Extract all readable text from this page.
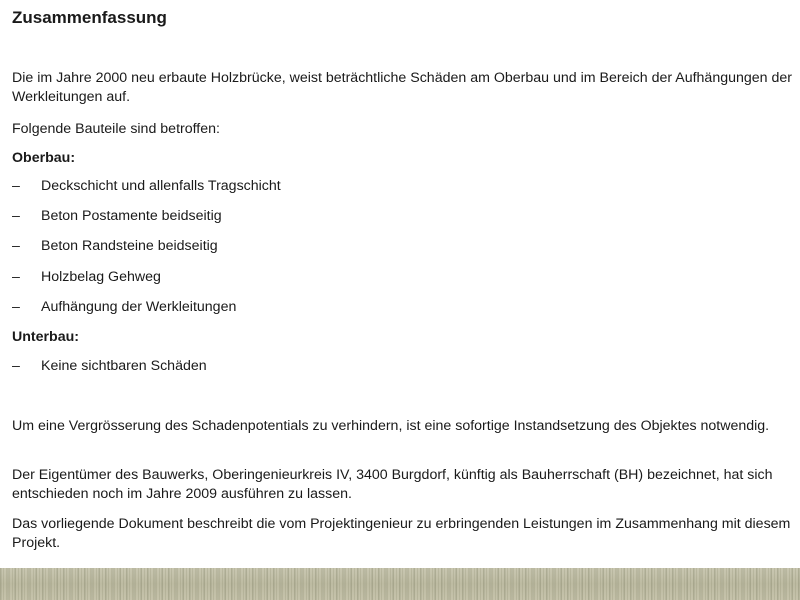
Zusammenfassung
Die im Jahre 2000 neu erbaute Holzbrücke, weist beträchtliche Schäden am Oberbau und im Bereich der Aufhängungen der Werkleitungen auf.
Folgende Bauteile sind betroffen:
Oberbau:
– Deckschicht und allenfalls Tragschicht
– Beton Postamente beidseitig
– Beton Randsteine beidseitig
– Holzbelag Gehweg
– Aufhängung der Werkleitungen
Unterbau:
– Keine sichtbaren Schäden
Um eine Vergrösserung des Schadenpotentials zu verhindern, ist eine sofortige Instandsetzung des Objektes notwendig.
Der Eigentümer des Bauwerks, Oberingenieurkreis IV, 3400 Burgdorf, künftig als Bauherrschaft (BH) bezeichnet, hat sich entschieden noch im Jahre 2009 ausführen zu lassen.
Das vorliegende Dokument beschreibt die vom Projektingenieur zu erbringenden Leistungen im Zusammenhang mit diesem Projekt.
